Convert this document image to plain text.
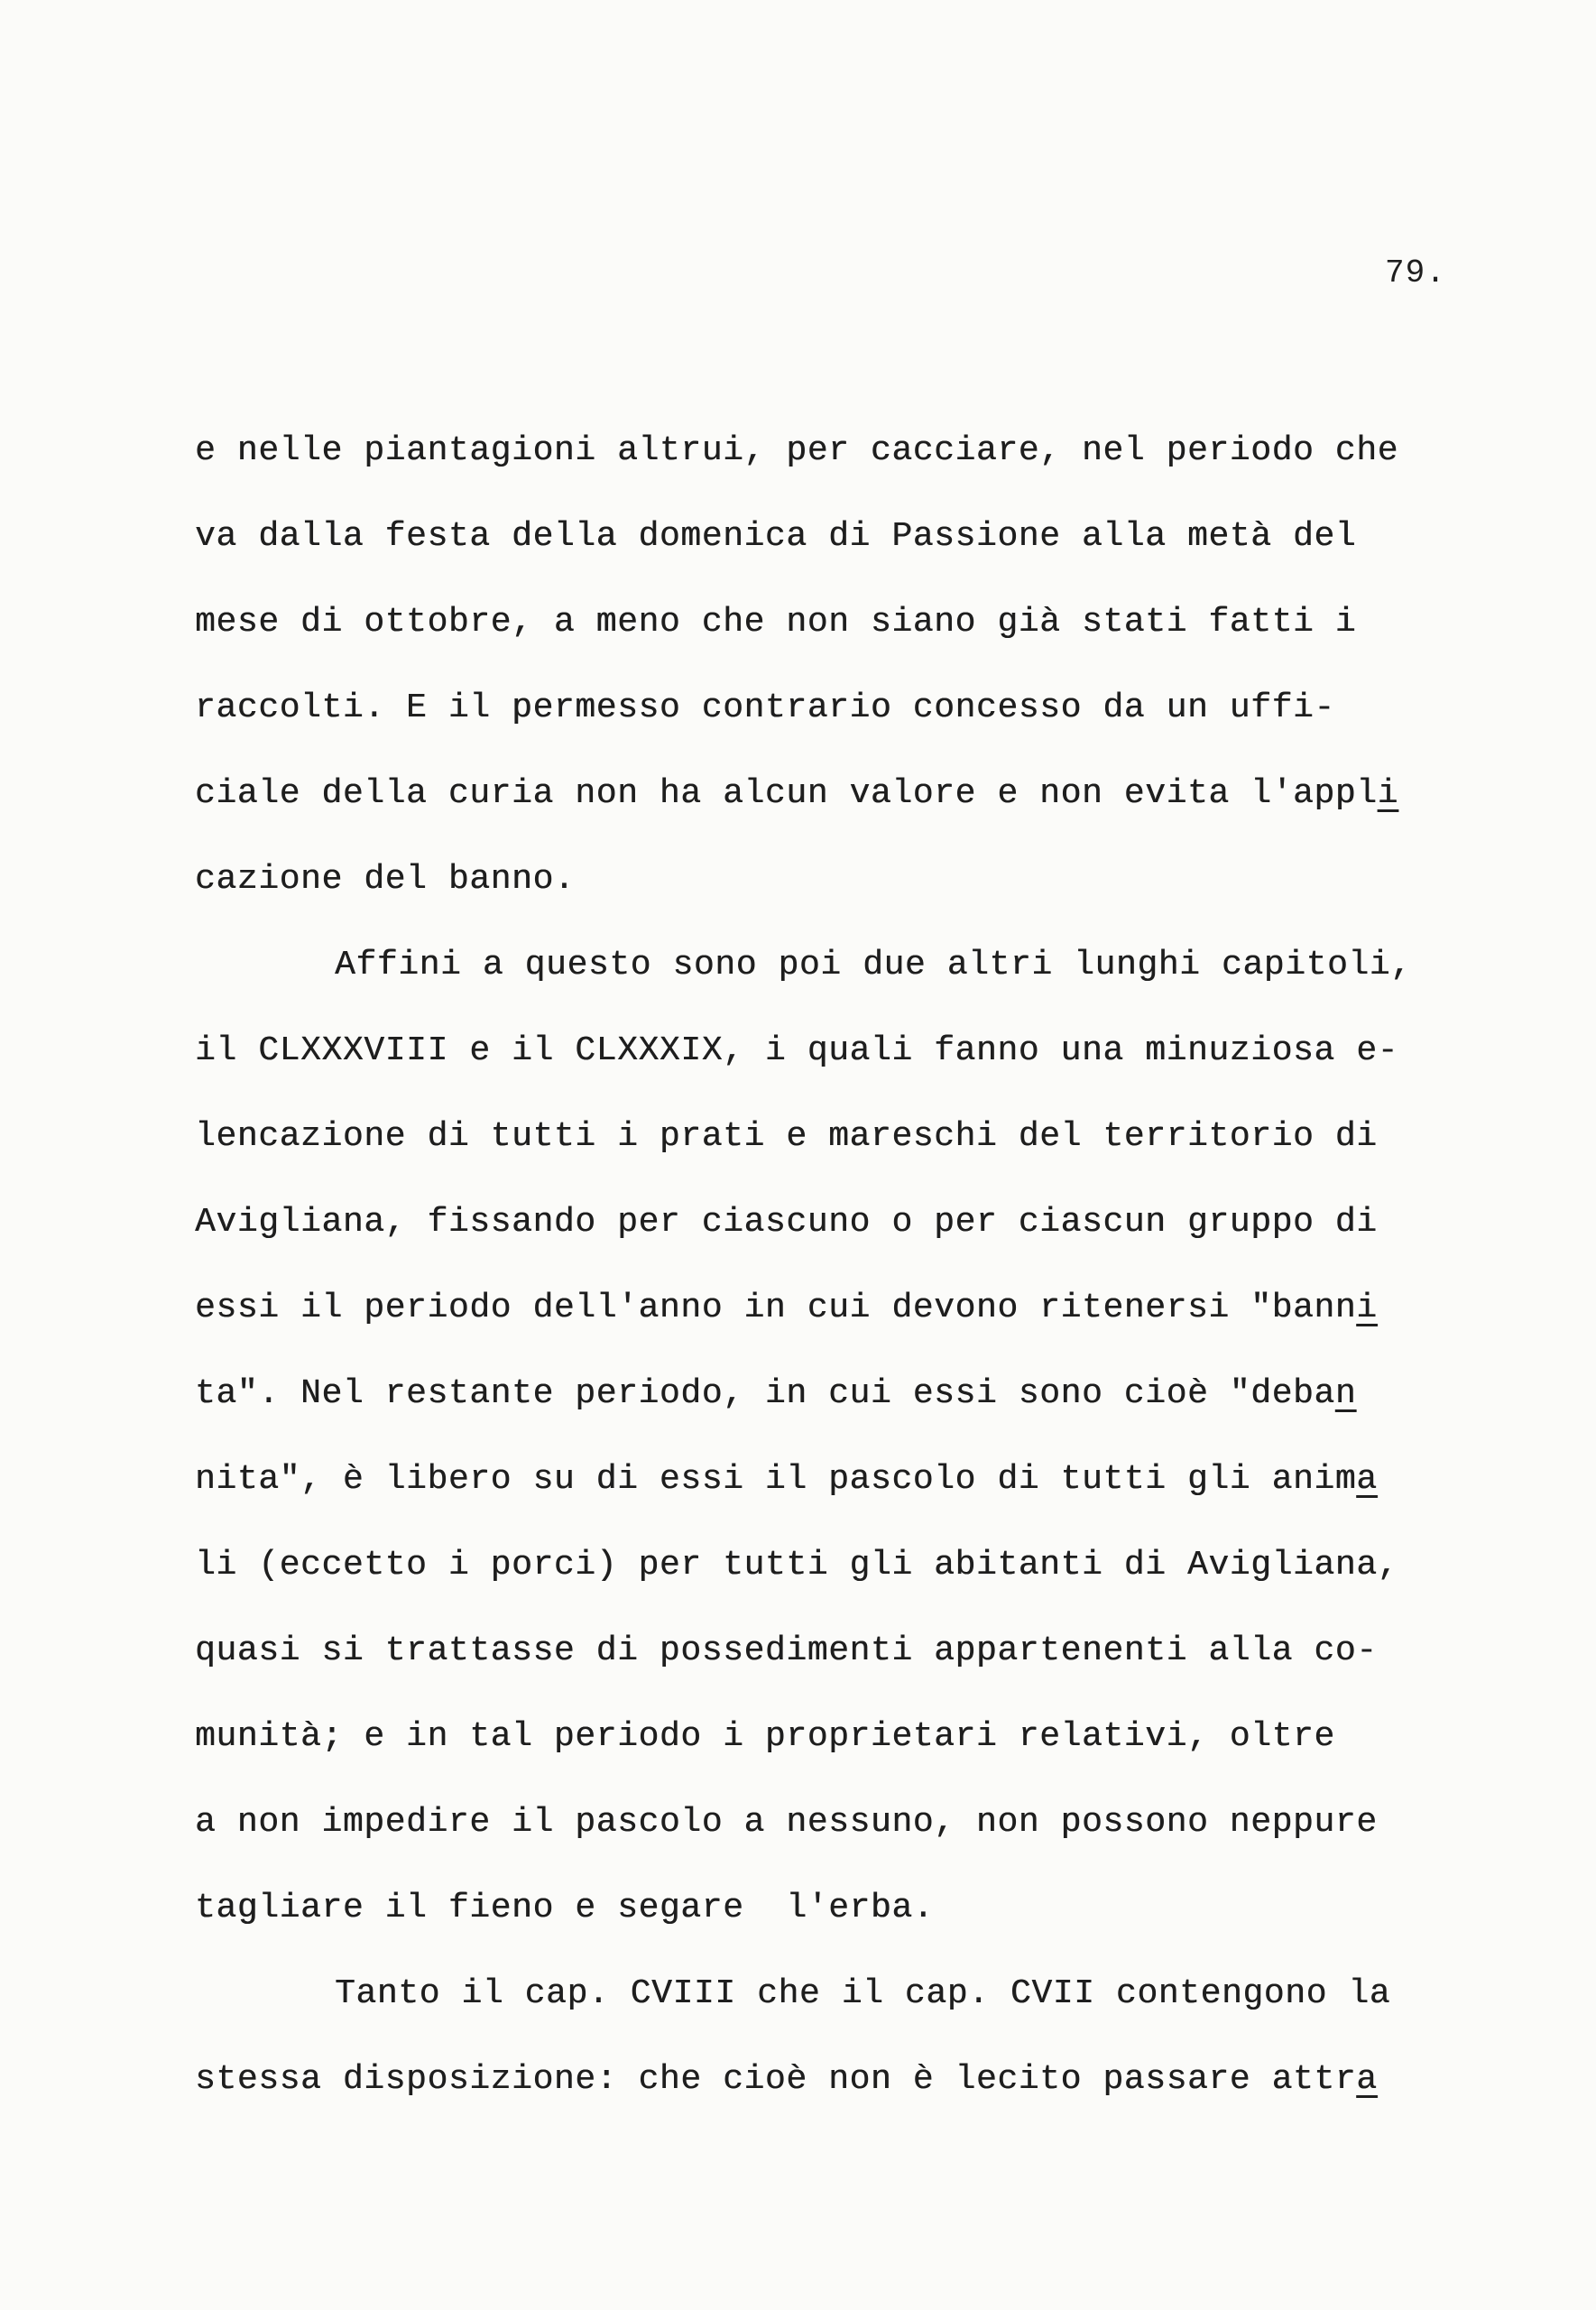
79.
e nelle piantagioni altrui, per cacciare, nel periodo che
va dalla festa della domenica di Passione alla metà del
mese di ottobre, a meno che non siano già stati fatti i
raccolti. E il permesso contrario concesso da un uffi-
ciale della curia non ha alcun valore e non evita l'appli
cazione del banno.
Affini a questo sono poi due altri lunghi capitoli,
il CLXXXVIII e il CLXXXIX, i quali fanno una minuziosa e-
lencazione di tutti i prati e mareschi del territorio di
Avigliana, fissando per ciascuno o per ciascun gruppo di
essi il periodo dell'anno in cui devono ritenersi "banni
ta". Nel restante periodo, in cui essi sono cioè "deban
nita", è libero su di essi il pascolo di tutti gli anima
li (eccetto i porci) per tutti gli abitanti di Avigliana,
quasi si trattasse di possedimenti appartenenti alla co-
munità; e in tal periodo i proprietari relativi, oltre
a non impedire il pascolo a nessuno, non possono neppure
tagliare il fieno e segare  l'erba.
Tanto il cap. CVIII che il cap. CVII contengono la
stessa disposizione: che cioè non è lecito passare attra
